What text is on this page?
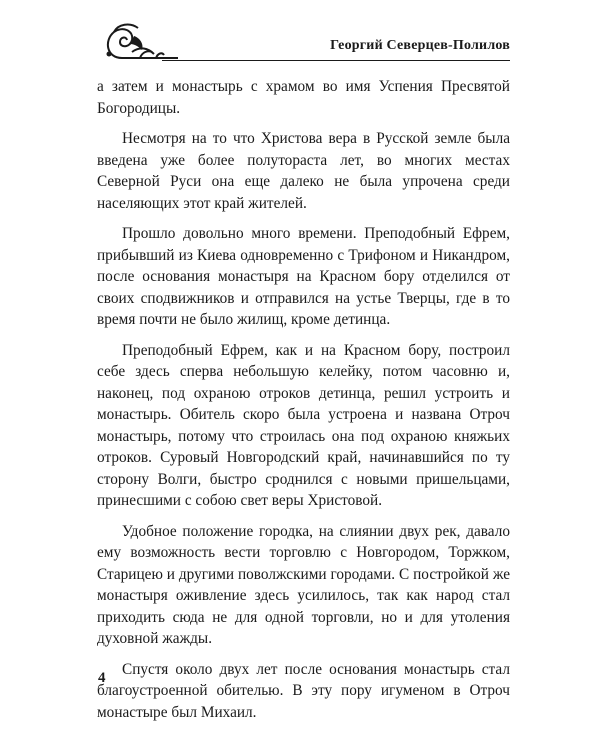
Георгий Северцев-Полилов

а затем и монастырь с храмом во имя Успения Пресвятой Богородицы.

Несмотря на то что Христова вера в Русской земле была введена уже более полутораста лет, во многих местах Северной Руси она еще далеко не была упрочена среди населяющих этот край жителей.

Прошло довольно много времени. Преподобный Ефрем, прибывший из Киева одновременно с Трифоном и Никандром, после основания монастыря на Красном бору отделился от своих сподвижников и отправился на устье Тверцы, где в то время почти не было жилищ, кроме детинца.

Преподобный Ефрем, как и на Красном бору, построил себе здесь сперва небольшую келейку, потом часовню и, наконец, под охраною отроков детинца, решил устроить и монастырь. Обитель скоро была устроена и названа Отроч монастырь, потому что строилась она под охраною княжьих отроков. Суровый Новгородский край, начинавшийся по ту сторону Волги, быстро сроднился с новыми пришельцами, принесшими с собою свет веры Христовой.

Удобное положение городка, на слиянии двух рек, давало ему возможность вести торговлю с Новгородом, Торжком, Старицею и другими поволжскими городами. С постройкой же монастыря оживление здесь усилилось, так как народ стал приходить сюда не для одной торговли, но и для утоления духовной жажды.

Спустя около двух лет после основания монастырь стал благоустроенной обителью. В эту пору игуменом в Отроч монастыре был Михаил.

4
